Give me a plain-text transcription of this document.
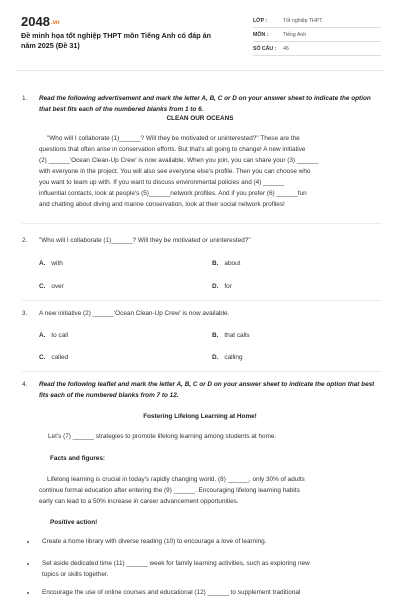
2048.vn
Đề minh họa tốt nghiệp THPT môn Tiếng Anh có đáp án năm 2025 (Đề 31)
LỚP :	Tốt nghiệp THPT
MÔN :	Tiếng Anh
SỐ CÂU : 46
1. Read the following advertisement and mark the letter A, B, C or D on your answer sheet to indicate the option that best fits each of the numbered blanks from 1 to 6.
CLEAN OUR OCEANS
"Who will I collaborate (1)______? Will they be motivated or uninterested?" These are the
questions that often arise in conservation efforts. But that's all going to change! A new initiative
(2) ______'Ocean Clean-Up Crew' is now available. When you join, you can share your (3) ______
with everyone in the project. You will also see everyone else's profile. Then you can choose who
you want to team up with. If you want to discuss environmental policies and (4) ______
influential contacts, look at people's (5)______network profiles. And if you prefer (6) ______fun
and chatting about diving and marine conservation, look at their social network profiles!
2. "Who will I collaborate (1)______? Will they be motivated or uninterested?"
A. with	B. about
C. over	D. for
3. A new initiative (2) ______'Ocean Clean-Up Crew' is now available.
A. to call	B. that calls
C. called	D. calling
4. Read the following leaflet and mark the letter A, B, C or D on your answer sheet to indicate the option that best fits each of the numbered blanks from 7 to 12.
Fostering Lifelong Learning at Home!
Let's (7) ______ strategies to promote lifelong learning among students at home.
Facts and figures:
Lifelong learning is crucial in today's rapidly changing world. (8) ______, only 30% of adults
continue formal education after entering the (9) ______. Encouraging lifelong learning habits
early can lead to a 50% increase in career advancement opportunities.
Positive action!
Create a home library with diverse reading (10) to encourage a love of learning.
Set aside dedicated time (11) ______ week for family learning activities, such as exploring new
topics or skills together.
Encourage the use of online courses and educational (12) ______ to supplement traditional
